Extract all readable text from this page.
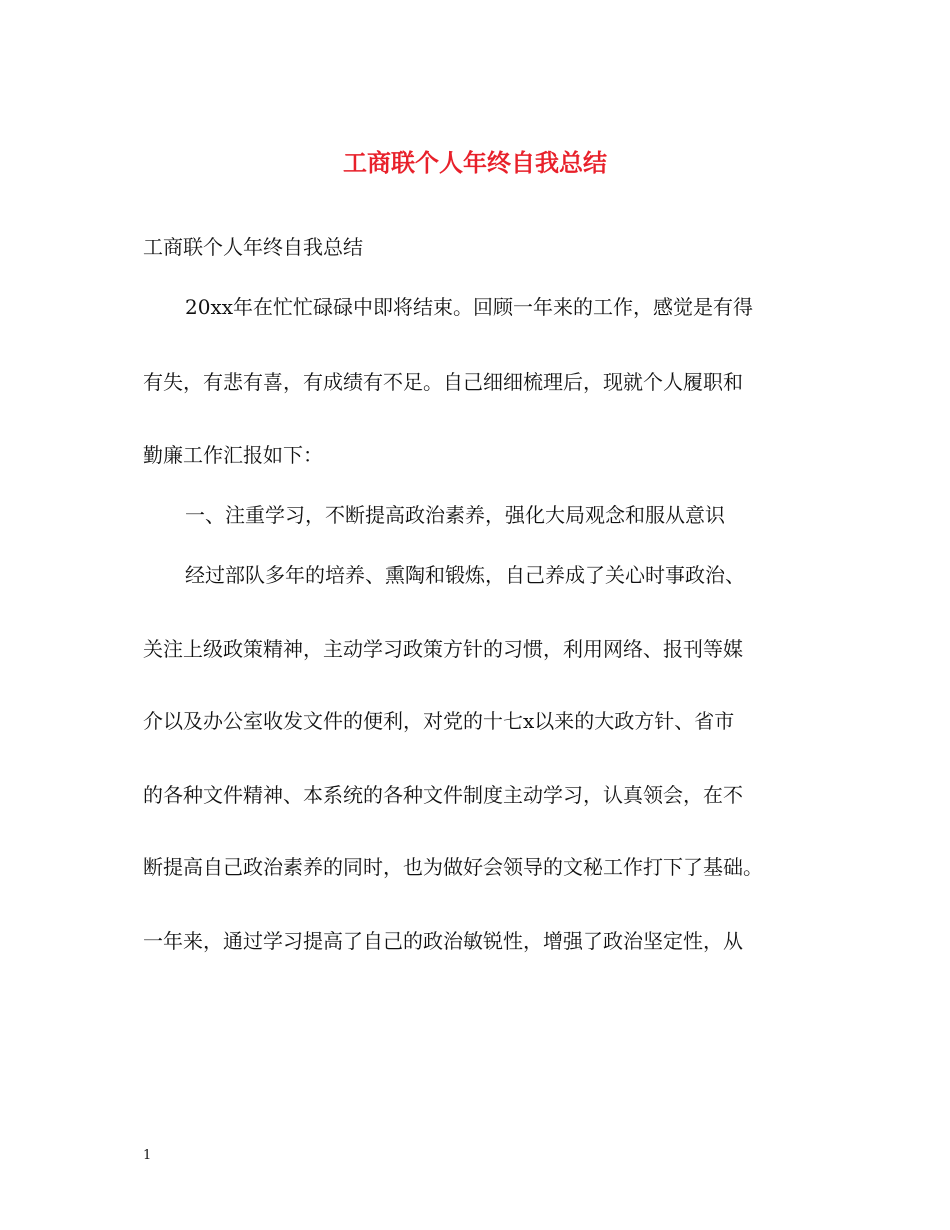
工商联个人年终自我总结
工商联个人年终自我总结
20xx年在忙忙碌碌中即将结束。回顾一年来的工作，感觉是有得
有失，有悲有喜，有成绩有不足。自己细细梳理后，现就个人履职和
勤廉工作汇报如下：
一、注重学习，不断提高政治素养，强化大局观念和服从意识
经过部队多年的培养、熏陶和锻炼，自己养成了关心时事政治、
关注上级政策精神，主动学习政策方针的习惯，利用网络、报刊等媒
介以及办公室收发文件的便利，对党的十七x以来的大政方针、省市
的各种文件精神、本系统的各种文件制度主动学习，认真领会，在不
断提高自己政治素养的同时，也为做好会领导的文秘工作打下了基础。
一年来，通过学习提高了自己的政治敏锐性，增强了政治坚定性，从
1
